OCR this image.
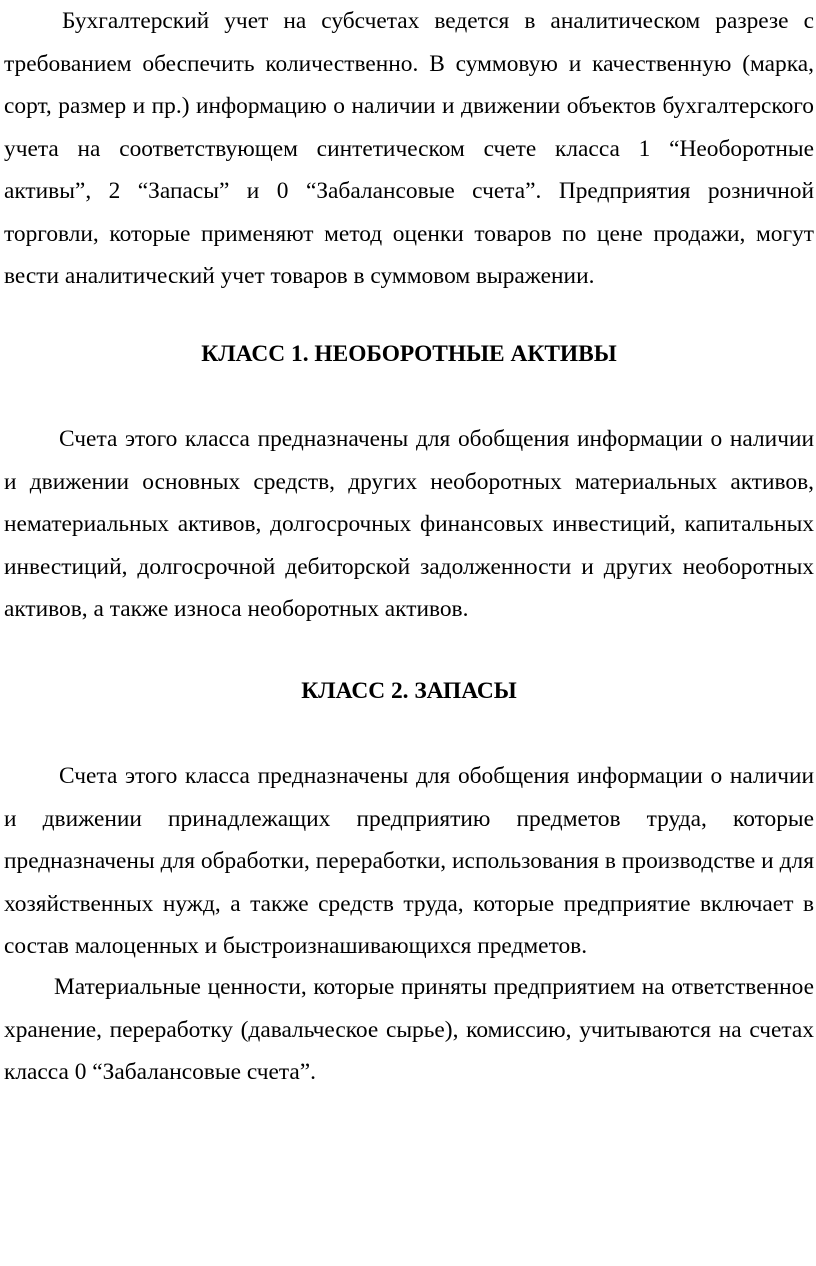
Бухгалтерский учет на субсчетах ведется в аналитическом разрезе с требованием обеспечить количественно. В суммовую и качественную (марка, сорт, размер и пр.) информацию о наличии и движении объектов бухгалтерского учета на соответствующем синтетическом счете класса 1 “Необоротные активы”, 2 “Запасы” и 0 “Забалансовые счета”. Предприятия розничной торговли, которые применяют метод оценки товаров по цене продажи, могут вести аналитический учет товаров в суммовом выражении.

КЛАСС 1. НЕОБОРОТНЫЕ АКТИВЫ

Счета этого класса предназначены для обобщения информации о наличии и движении основных средств, других необоротных материальных активов, нематериальных активов, долгосрочных финансовых инвестиций, капитальных инвестиций, долгосрочной дебиторской задолженности и других необоротных активов, а также износа необоротных активов.

КЛАСС 2. ЗАПАСЫ

Счета этого класса предназначены для обобщения информации о наличии и движении принадлежащих предприятию предметов труда, которые предназначены для обработки, переработки, использования в производстве и для хозяйственных нужд, а также средств труда, которые предприятие включает в состав малоценных и быстроизнашивающихся предметов.

Материальные ценности, которые приняты предприятием на ответственное хранение, переработку (давальческое сырье), комиссию, учитываются на счетах класса 0 “Забалансовые счета”.
